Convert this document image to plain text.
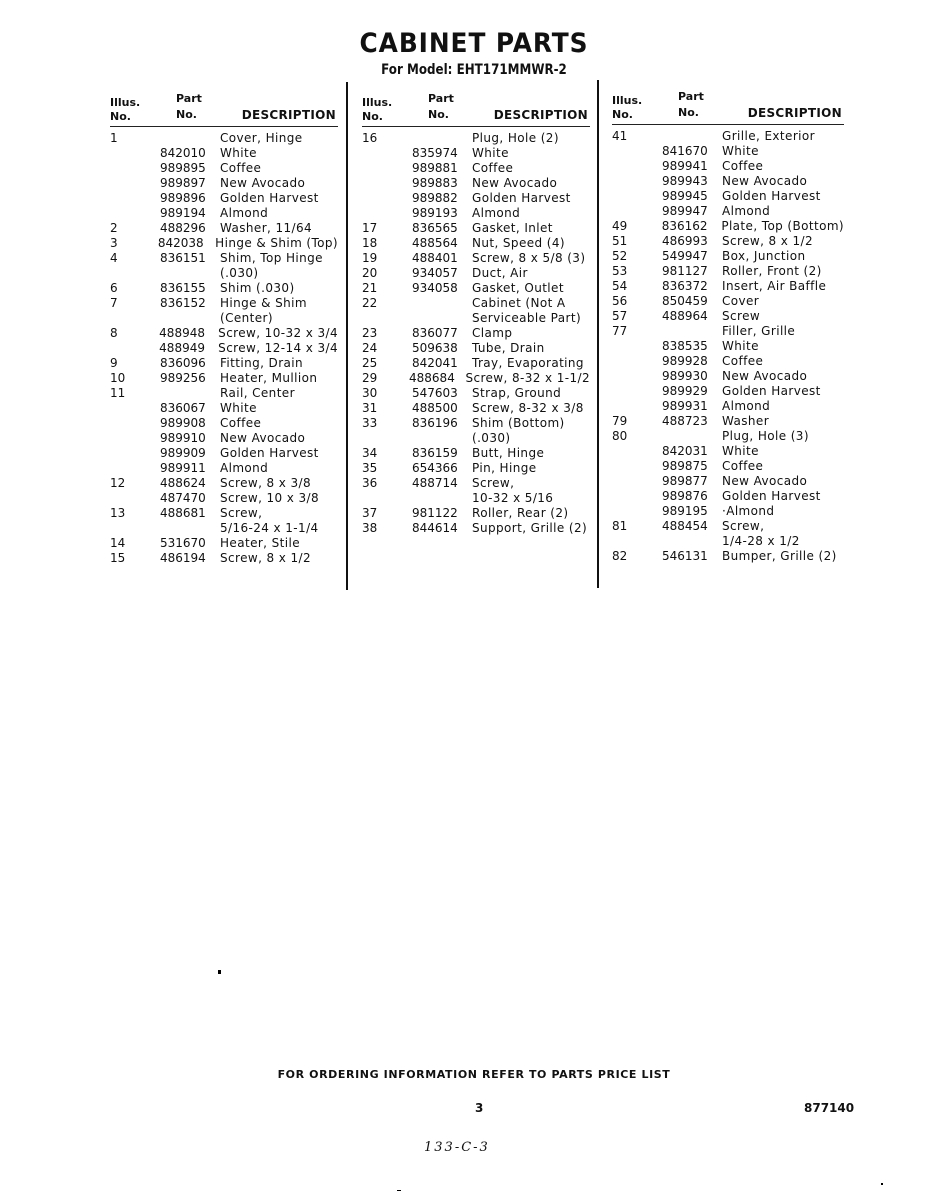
CABINET PARTS
For Model: EHT171MMWR-2
Illus.
No.
Part
No.	DESCRIPTION
1	Cover, Hinge
842010	White
989895	Coffee
989897	New Avocado
989896	Golden Harvest
989194	Almond
2	488296	Washer, 11/64
3	842038 Hinge & Shim (Top)
4	836151	Shim, Top Hinge
(.030)
6	836155	Shim (.030)
7	836152	Hinge & Shim
(Center)
8	488948	Screw, 10-32 x 3/4
488949	Screw, 12-14 x 3/4
9	836096	Fitting, Drain
10	989256	Heater, Mullion
11	Rail, Center
836067	White
989908	Coffee
989910	New Avocado
989909	Golden Harvest
989911	Almond
12	488624	Screw, 8 x 3/8
487470	Screw, 10 x 3/8
13	488681	Screw,
5/16-24 x 1-1/4
14	531670	Heater, Stile
15	486194	Screw, 8 x 1/2
Illus.
No.
Part
No.	DESCRIPTION
16	Plug, Hole (2)
835974	White
989881	Coffee
989883	New Avocado
989882	Golden Harvest
989193	Almond
17	836565	Gasket, Inlet
18	488564	Nut, Speed (4)
19	488401	Screw, 8 x 5/8 (3)
20	934057	Duct, Air
21	934058	Gasket, Outlet
22	Cabinet (Not A
Serviceable Part)
23	836077	Clamp
24	509638	Tube, Drain
25	842041	Tray, Evaporating
29	488684 Screw, 8-32 x 1-1/2
30	547603	Strap, Ground
31	488500	Screw, 8-32 x 3/8
33	836196	Shim (Bottom)
(.030)
34	836159	Butt, Hinge
35	654366	Pin, Hinge
36	488714	Screw,
10-32 x 5/16
37	981122	Roller, Rear (2)
38	844614	Support, Grille (2)
Illus.
No.
Part
No.	DESCRIPTION
41	Grille, Exterior
841670	White
989941	Coffee
989943	New Avocado
989945	Golden Harvest
989947	Almond
49	836162	Plate, Top (Bottom)
51	486993	Screw, 8 x 1/2
52	549947	Box, Junction
53	981127	Roller, Front (2)
54	836372	Insert, Air Baffle
56	850459	Cover
57	488964	Screw
77	Filler, Grille
838535	White
989928	Coffee
989930	New Avocado
989929	Golden Harvest
989931	Almond
79	488723	Washer
80	Plug, Hole (3)
842031	White
989875	Coffee
989877	New Avocado
989876	Golden Harvest
989195	·Almond
81	488454	Screw,
1/4-28 x 1/2
82	546131	Bumper, Grille (2)
FOR ORDERING INFORMATION REFER TO PARTS PRICE LIST
3	877140
133-C-3
